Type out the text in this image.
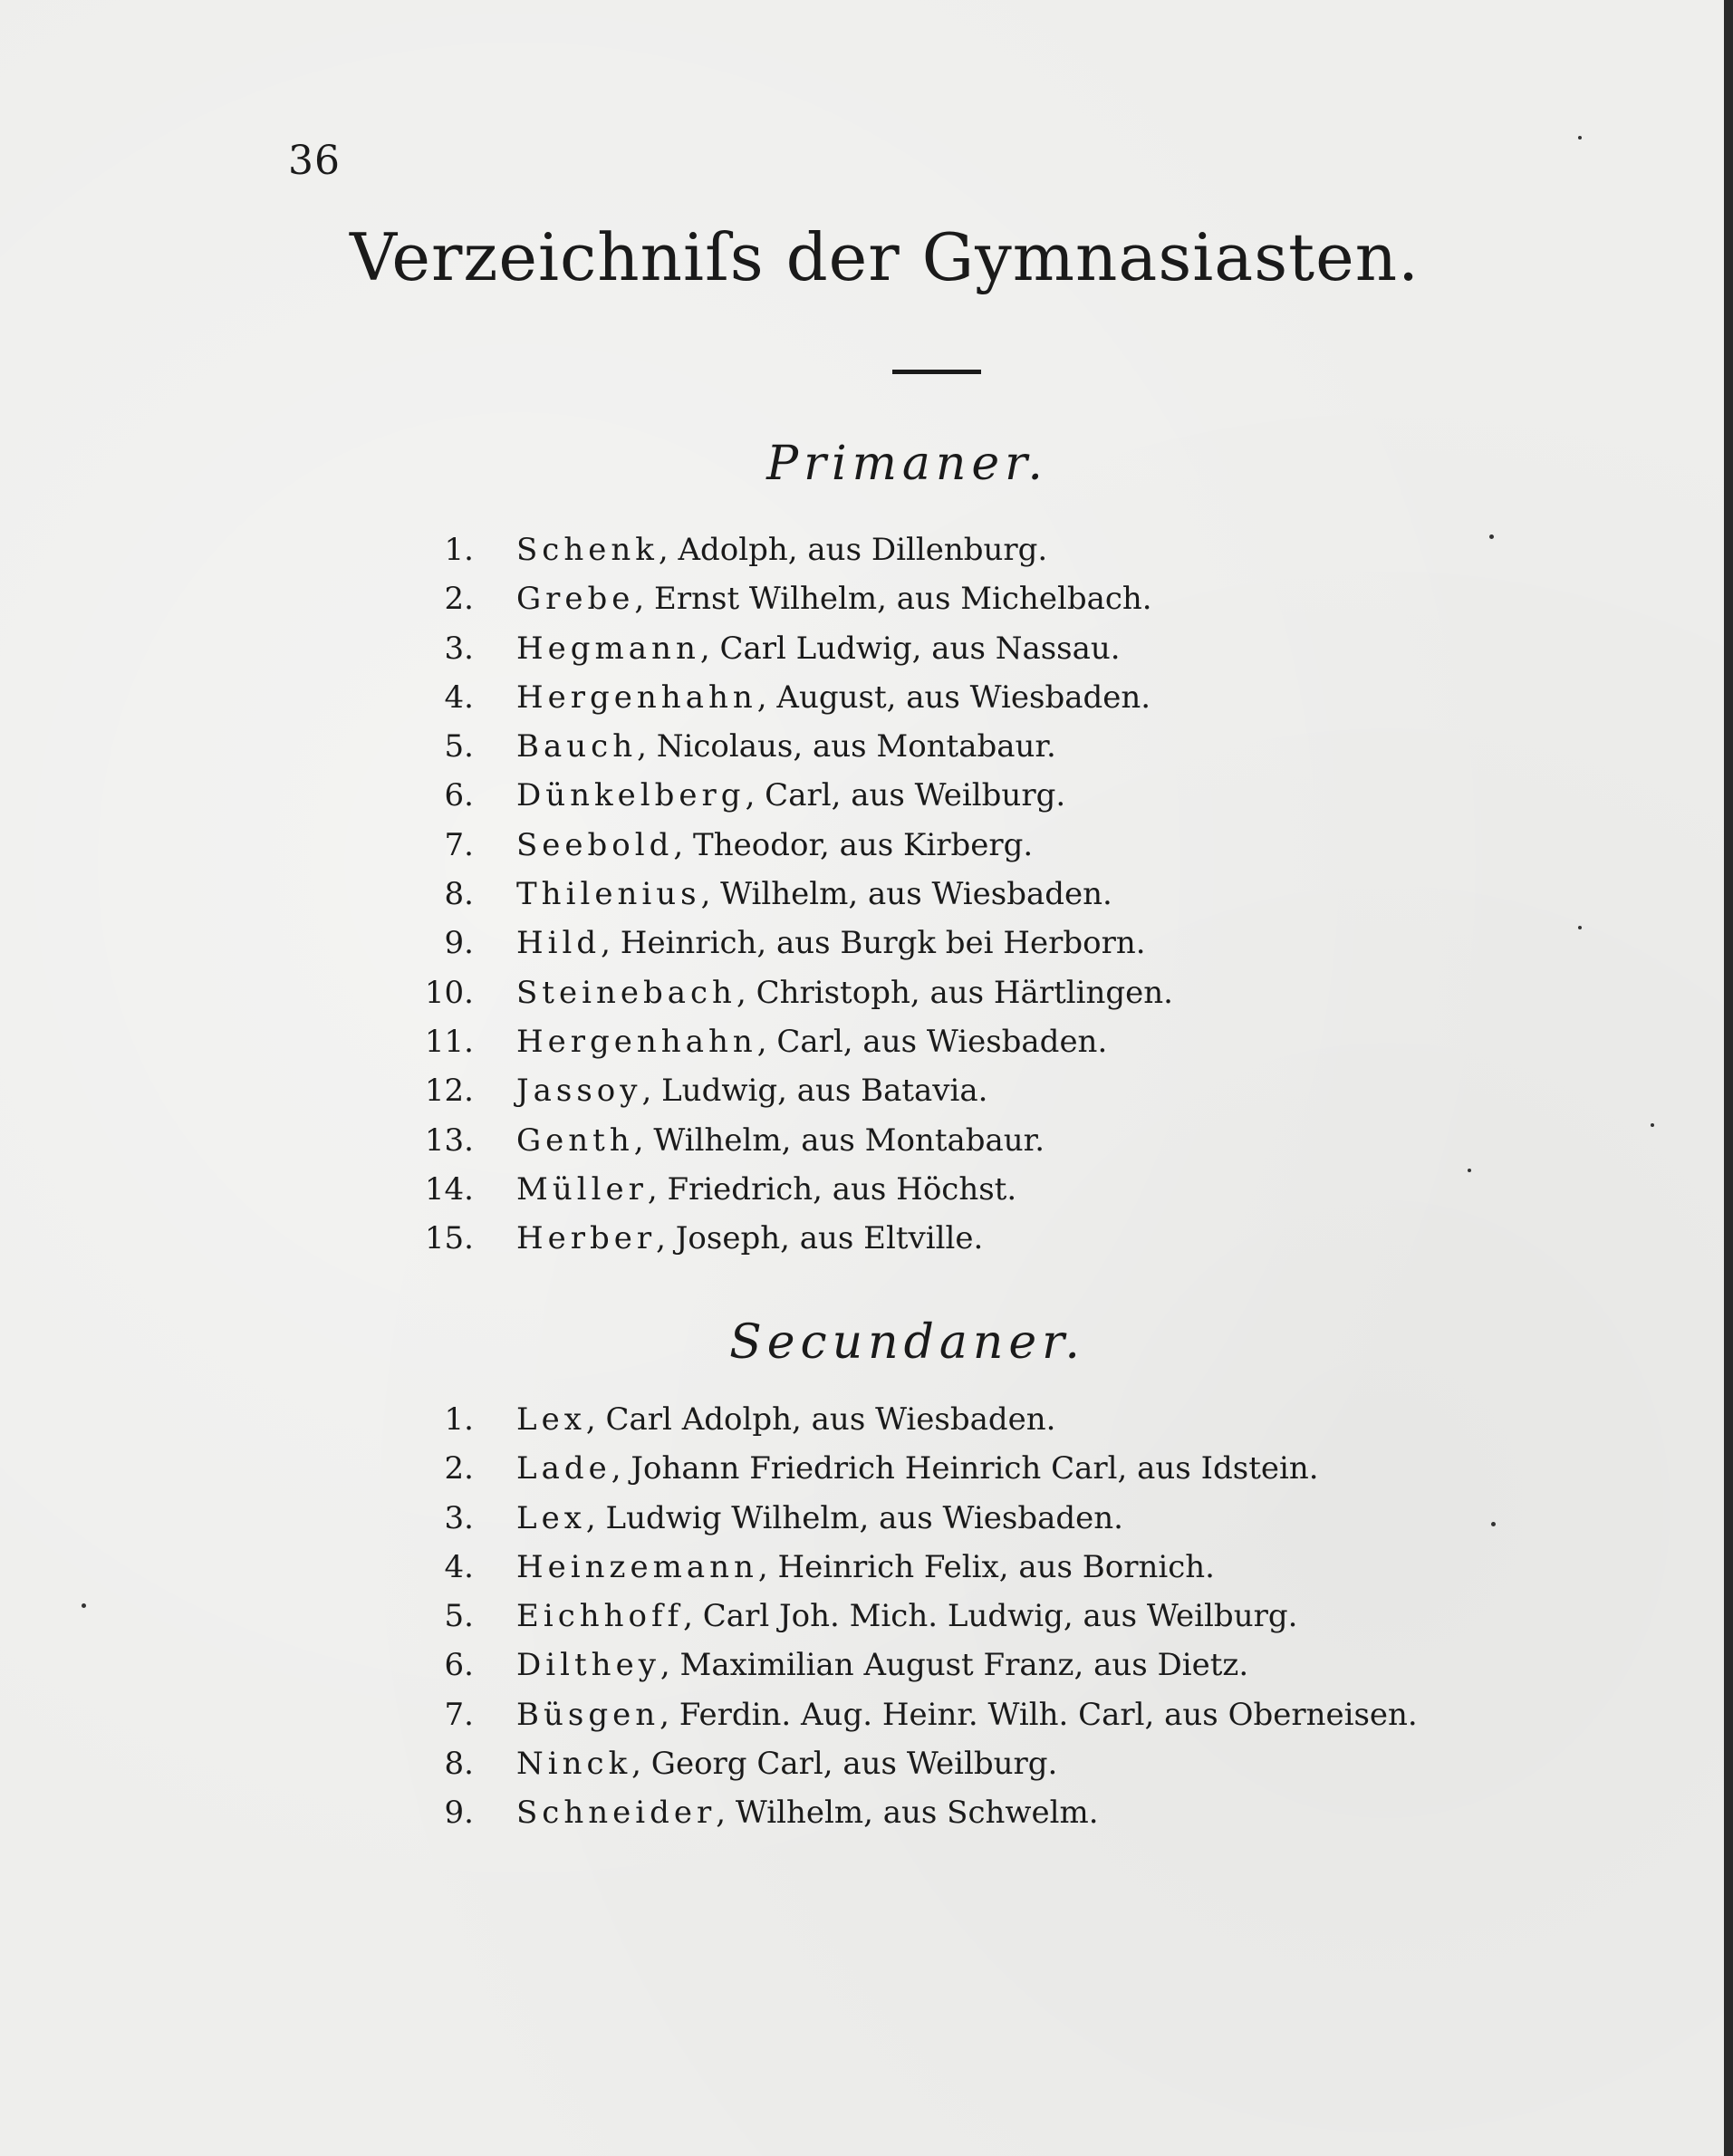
36
Verzeichniſs der Gymnasiasten.
Primaner.
1. Schenk, Adolph, aus Dillenburg.
2. Grebe, Ernst Wilhelm, aus Michelbach.
3. Hegmann, Carl Ludwig, aus Nassau.
4. Hergenhahn, August, aus Wiesbaden.
5. Bauch, Nicolaus, aus Montabaur.
6. Dünkelberg, Carl, aus Weilburg.
7. Seebold, Theodor, aus Kirberg.
8. Thilenius, Wilhelm, aus Wiesbaden.
9. Hild, Heinrich, aus Burgk bei Herborn.
10. Steinebach, Christoph, aus Härtlingen.
11. Hergenhahn, Carl, aus Wiesbaden.
12. Jassoy, Ludwig, aus Batavia.
13. Genth, Wilhelm, aus Montabaur.
14. Müller, Friedrich, aus Höchst.
15. Herber, Joseph, aus Eltville.
Secundaner.
1. Lex, Carl Adolph, aus Wiesbaden.
2. Lade, Johann Friedrich Heinrich Carl, aus Idstein.
3. Lex, Ludwig Wilhelm, aus Wiesbaden.
4. Heinzemann, Heinrich Felix, aus Bornich.
5. Eichhoff, Carl Joh. Mich. Ludwig, aus Weilburg.
6. Dilthey, Maximilian August Franz, aus Dietz.
7. Büsgen, Ferdin. Aug. Heinr. Wilh. Carl, aus Oberneisen.
8. Ninck, Georg Carl, aus Weilburg.
9. Schneider, Wilhelm, aus Schwelm.
